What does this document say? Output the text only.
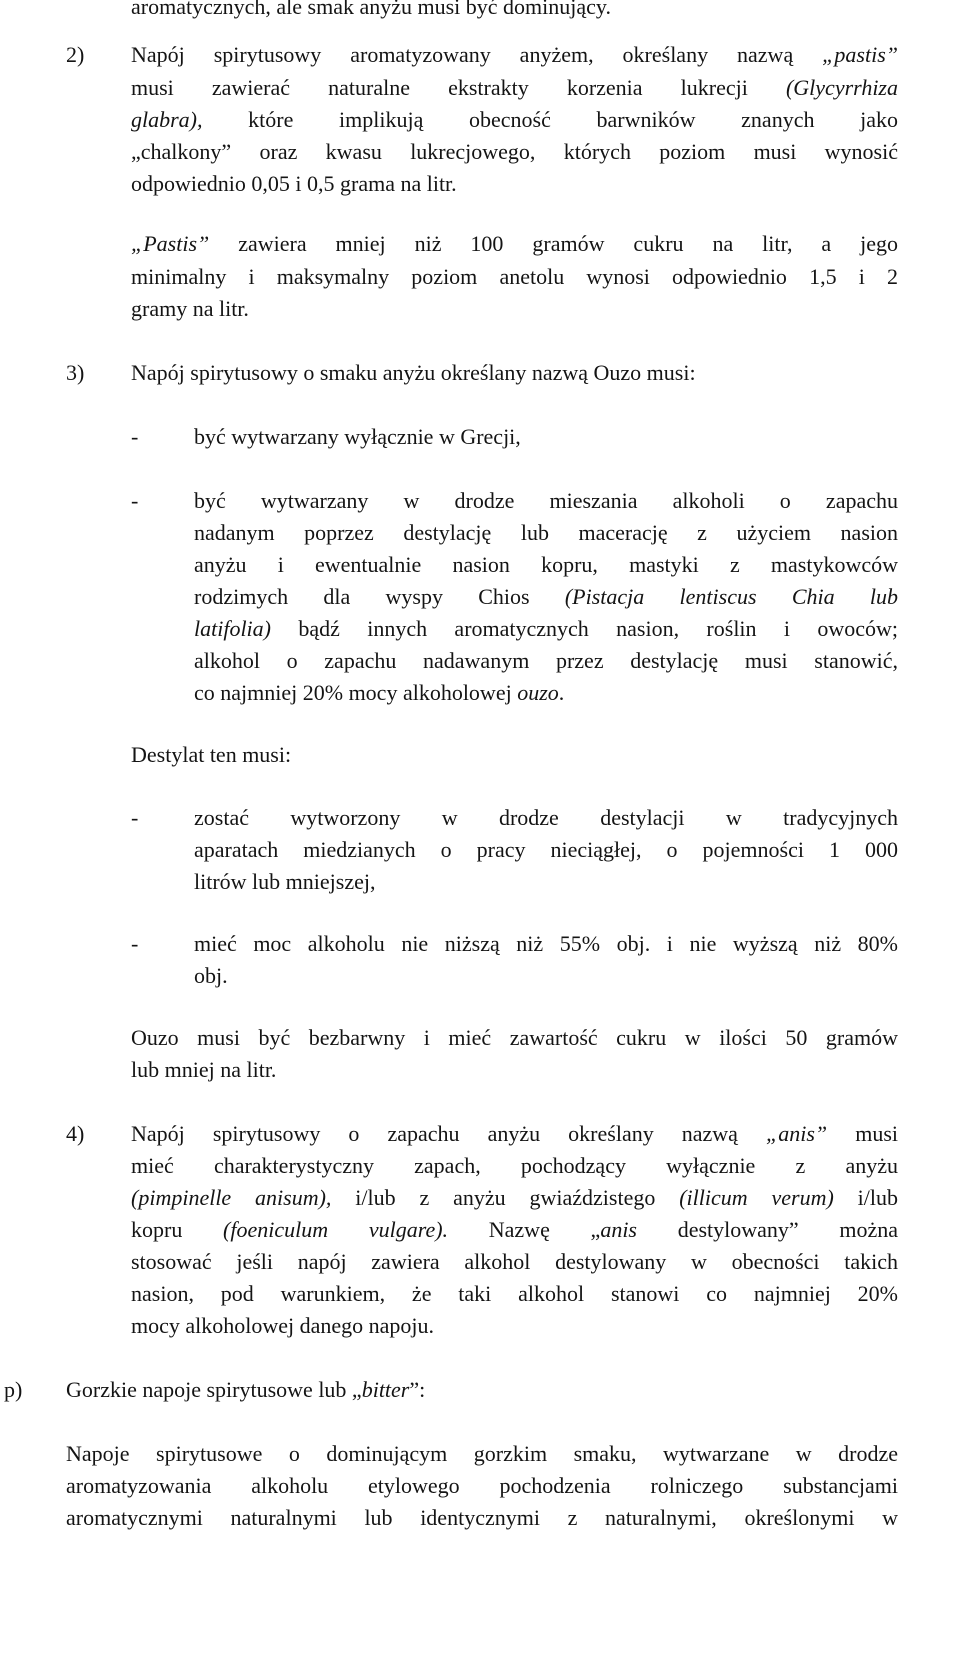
aromatycznych, ale smak anyżu musi być dominujący.
2) Napój spirytusowy aromatyzowany anyżem, określany nazwą „pastis”
musi zawierać naturalne ekstrakty korzenia lukrecji (Glycyrrhiza
glabra), które implikują obecność barwników znanych jako
„chalkony” oraz kwasu lukrecjowego, których poziom musi wynosić
odpowiednio 0,05 i 0,5 grama na litr.
„Pastis” zawiera mniej niż 100 gramów cukru na litr, a jego
minimalny i maksymalny poziom anetolu wynosi odpowiednio 1,5 i 2
gramy na litr.
3) Napój spirytusowy o smaku anyżu określany nazwą Ouzo musi:
-	być wytwarzany wyłącznie w Grecji,
-	być wytwarzany w drodze mieszania alkoholi o zapachu
nadanym poprzez destylację lub macerację z użyciem nasion
anyżu i ewentualnie nasion kopru, mastyki z mastykowców
rodzimych dla wyspy Chios (Pistacja lentiscus Chia lub
latifolia) bądź innych aromatycznych nasion, roślin i owoców;
alkohol o zapachu nadawanym przez destylację musi stanowić,
co najmniej 20% mocy alkoholowej ouzo.
Destylat ten musi:
-	zostać wytworzony w drodze destylacji w tradycyjnych
aparatach miedzianych o pracy nieciągłej, o pojemności 1 000
litrów lub mniejszej,
-	mieć moc alkoholu nie niższą niż 55% obj. i nie wyższą niż 80%
obj.
Ouzo musi być bezbarwny i mieć zawartość cukru w ilości 50 gramów
lub mniej na litr.
4) Napój spirytusowy o zapachu anyżu określany nazwą „anis” musi
mieć charakterystyczny zapach, pochodzący wyłącznie z anyżu
(pimpinelle anisum), i/lub z anyżu gwiaździstego (illicum verum) i/lub
kopru (foeniculum vulgare). Nazwę „anis destylowany” można
stosować jeśli napój zawiera alkohol destylowany w obecności takich
nasion, pod warunkiem, że taki alkohol stanowi co najmniej 20%
mocy alkoholowej danego napoju.
p) Gorzkie napoje spirytusowe lub „bitter”:
Napoje spirytusowe o dominującym gorzkim smaku, wytwarzane w drodze
aromatyzowania alkoholu etylowego pochodzenia rolniczego substancjami
aromatycznymi naturalnymi lub identycznymi z naturalnymi, określonymi w
